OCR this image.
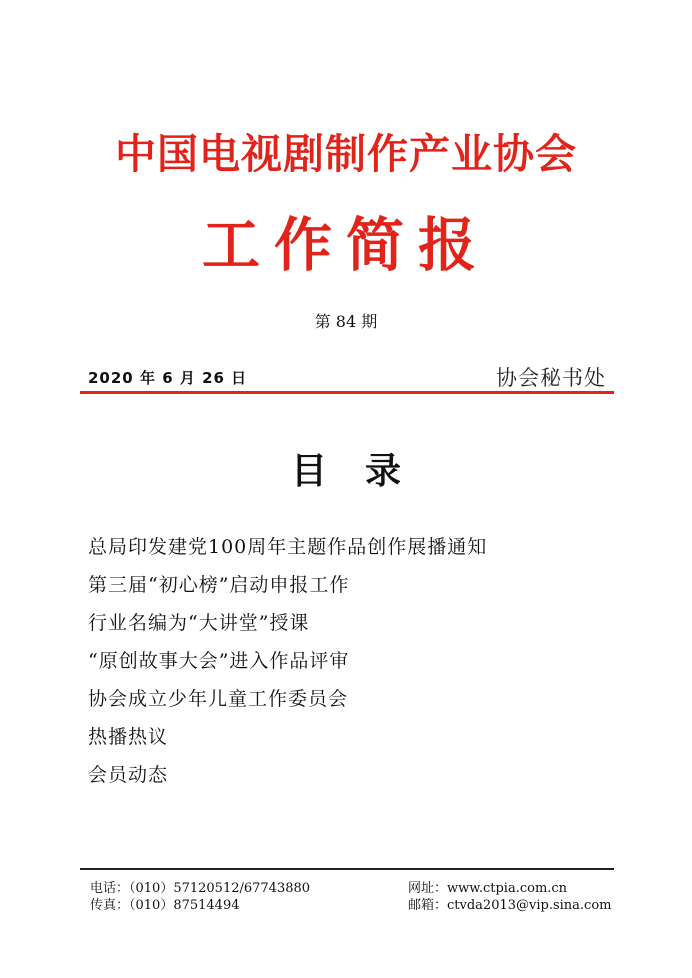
中国电视剧制作产业协会
工作简报
第 84 期
2020 年 6 月 26 日	协会秘书处
目录
总局印发建党100周年主题作品创作展播通知
第三届“初心榜”启动申报工作
行业名编为“大讲堂”授课
“原创故事大会”进入作品评审
协会成立少年儿童工作委员会
热播热议
会员动态
电话：（010）57120512/67743880
传真：（010）87514494
网址：www.ctpia.com.cn
邮箱：ctvda2013@vip.sina.com
